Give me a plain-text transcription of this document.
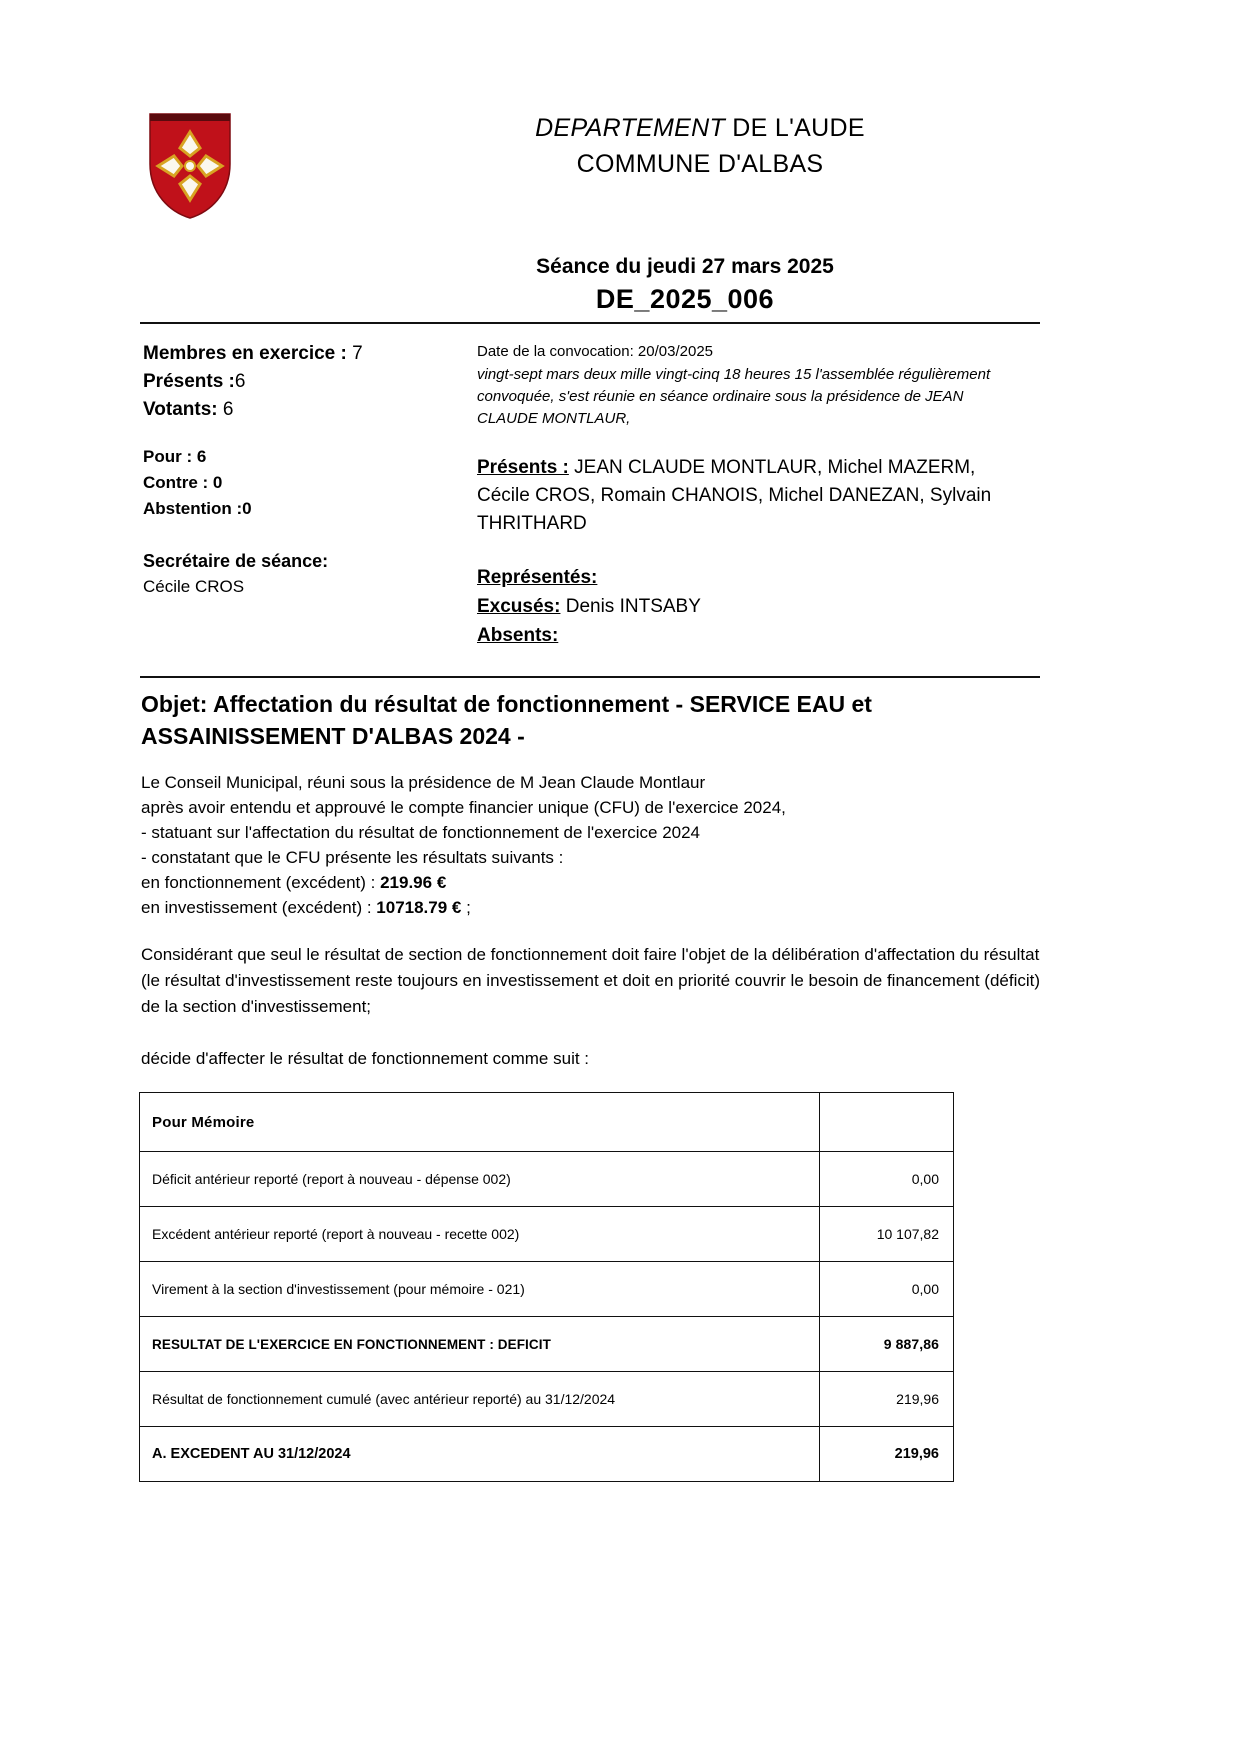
DEPARTEMENT DE L'AUDE
COMMUNE D'ALBAS
Séance du jeudi 27 mars 2025
DE_2025_006
Membres en exercice : 7
Présents :6
Votants: 6
Pour : 6
Contre : 0
Abstention :0
Secrétaire de séance:
Cécile CROS
Date de la convocation: 20/03/2025
vingt-sept mars deux mille vingt-cinq 18 heures 15 l'assemblée régulièrement convoquée, s'est réunie en séance ordinaire sous la présidence de JEAN CLAUDE MONTLAUR,
Présents : JEAN CLAUDE MONTLAUR, Michel MAZERM, Cécile CROS, Romain CHANOIS, Michel DANEZAN, Sylvain THRITHARD
Représentés:
Excusés: Denis INTSABY
Absents:
Objet: Affectation du résultat de fonctionnement - SERVICE EAU et ASSAINISSEMENT D'ALBAS 2024 -

Le Conseil Municipal, réuni sous la présidence de M Jean Claude Montlaur

après avoir entendu et approuvé le compte financier unique (CFU) de l'exercice 2024,

- statuant sur l'affectation du résultat de fonctionnement de l'exercice 2024

- constatant que le CFU présente les résultats suivants :

en fonctionnement (excédent) : 219.96 €

en investissement (excédent) : 10718.79 € ;

Considérant que seul le résultat de section de fonctionnement doit faire l'objet de la délibération d'affectation du résultat (le résultat d'investissement reste toujours en investissement et doit en priorité couvrir le besoin de financement (déficit) de la section d'investissement;
décide d'affecter le résultat de fonctionnement comme suit :
Pour Mémoire	
Déficit antérieur reporté (report à nouveau - dépense 002)	0,00
Excédent antérieur reporté (report à nouveau - recette 002)	10 107,82
Virement à la section d'investissement (pour mémoire - 021)	0,00
RESULTAT DE L'EXERCICE EN FONCTIONNEMENT : DEFICIT	9 887,86
Résultat de fonctionnement cumulé (avec antérieur reporté) au 31/12/2024	219,96
A. EXCEDENT AU 31/12/2024	219,96
